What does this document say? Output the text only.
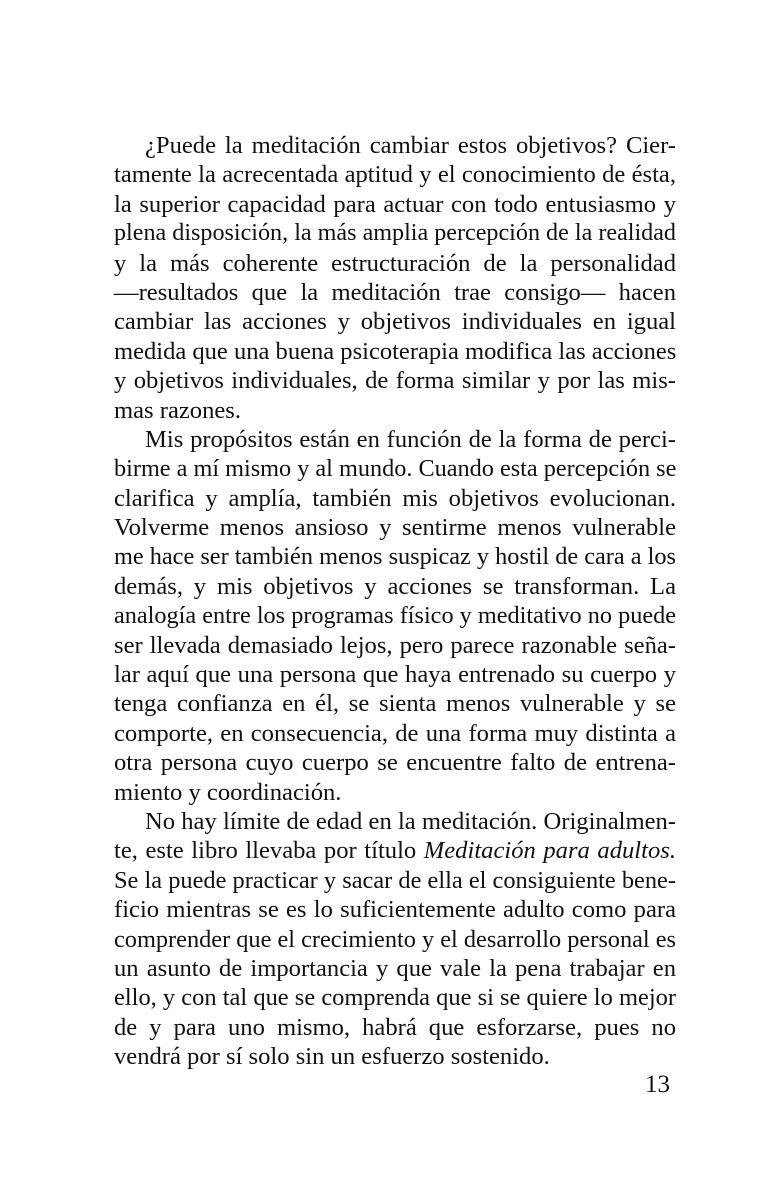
¿Puede la meditación cambiar estos objetivos? Cier-
tamente la acrecentada aptitud y el conocimiento de ésta,
la superior capacidad para actuar con todo entusiasmo y
plena disposición, la más amplia percepción de la realidad
y la más coherente estructuración de la personalidad
—resultados que la meditación trae consigo— hacen
cambiar las acciones y objetivos individuales en igual
medida que una buena psicoterapia modifica las acciones
y objetivos individuales, de forma similar y por las mis-
mas razones.
Mis propósitos están en función de la forma de perci-
birme a mí mismo y al mundo. Cuando esta percepción se
clarifica y amplía, también mis objetivos evolucionan.
Volverme menos ansioso y sentirme menos vulnerable
me hace ser también menos suspicaz y hostil de cara a los
demás, y mis objetivos y acciones se transforman. La
analogía entre los programas físico y meditativo no puede
ser llevada demasiado lejos, pero parece razonable seña-
lar aquí que una persona que haya entrenado su cuerpo y
tenga confianza en él, se sienta menos vulnerable y se
comporte, en consecuencia, de una forma muy distinta a
otra persona cuyo cuerpo se encuentre falto de entrena-
miento y coordinación.
No hay límite de edad en la meditación. Originalmen-
te, este libro llevaba por título Meditación para adultos.
Se la puede practicar y sacar de ella el consiguiente bene-
ficio mientras se es lo suficientemente adulto como para
comprender que el crecimiento y el desarrollo personal es
un asunto de importancia y que vale la pena trabajar en
ello, y con tal que se comprenda que si se quiere lo mejor
de y para uno mismo, habrá que esforzarse, pues no
vendrá por sí solo sin un esfuerzo sostenido.
13
